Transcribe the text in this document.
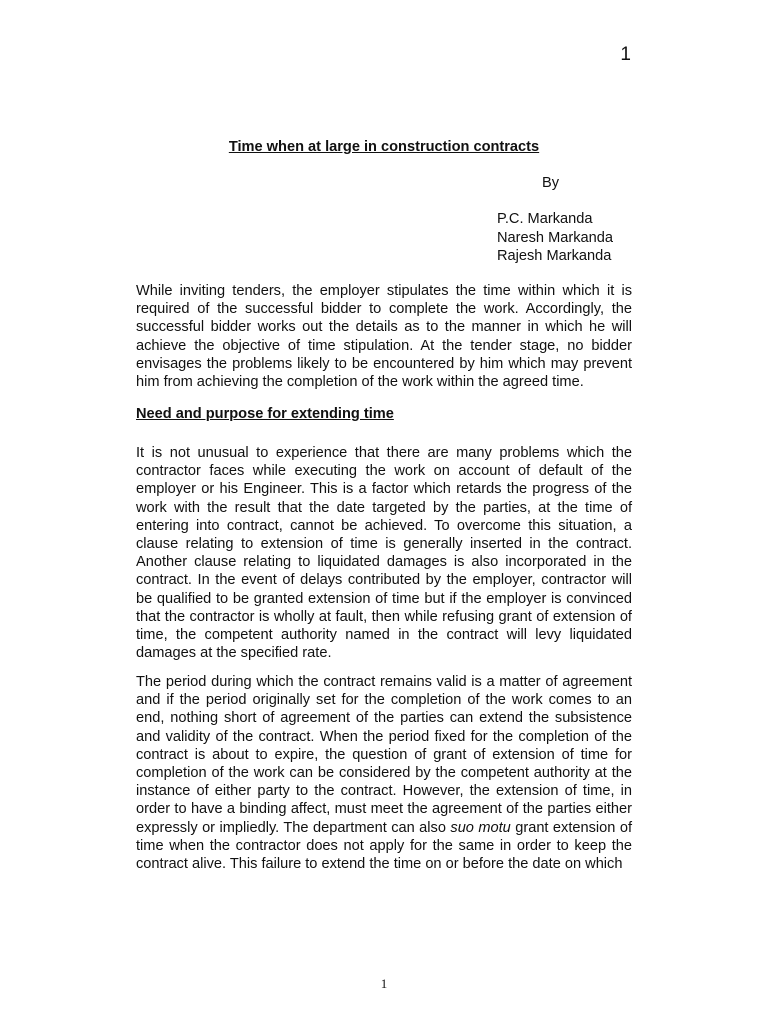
1
Time when at large in construction contracts
By
P.C. Markanda
Naresh Markanda
Rajesh Markanda

While inviting tenders, the employer stipulates the time within which it is required of the successful bidder to complete the work. Accordingly, the successful bidder works out the details as to the manner in which he will achieve the objective of time stipulation. At the tender stage, no bidder envisages the problems likely to be encountered by him which may prevent him from achieving the completion of the work within the agreed time.

Need and purpose for extending time

It is not unusual to experience that there are many problems which the contractor faces while executing the work on account of default of the employer or his Engineer. This is a factor which retards the progress of the work with the result that the date targeted by the parties, at the time of entering into contract, cannot be achieved. To overcome this situation, a clause relating to extension of time is generally inserted in the contract. Another clause relating to liquidated damages is also incorporated in the contract. In the event of delays contributed by the employer, contractor will be qualified to be granted extension of time but if the employer is convinced that the contractor is wholly at fault, then while refusing grant of extension of time, the competent authority named in the contract will levy liquidated damages at the specified rate.

The period during which the contract remains valid is a matter of agreement and if the period originally set for the completion of the work comes to an end, nothing short of agreement of the parties can extend the subsistence and validity of the contract. When the period fixed for the completion of the contract is about to expire, the question of grant of extension of time for completion of the work can be considered by the competent authority at the instance of either party to the contract. However, the extension of time, in order to have a binding affect, must meet the agreement of the parties either expressly or impliedly. The department can also suo motu grant extension of time when the contractor does not apply for the same in order to keep the contract alive. This failure to extend the time on or before the date on which

1
